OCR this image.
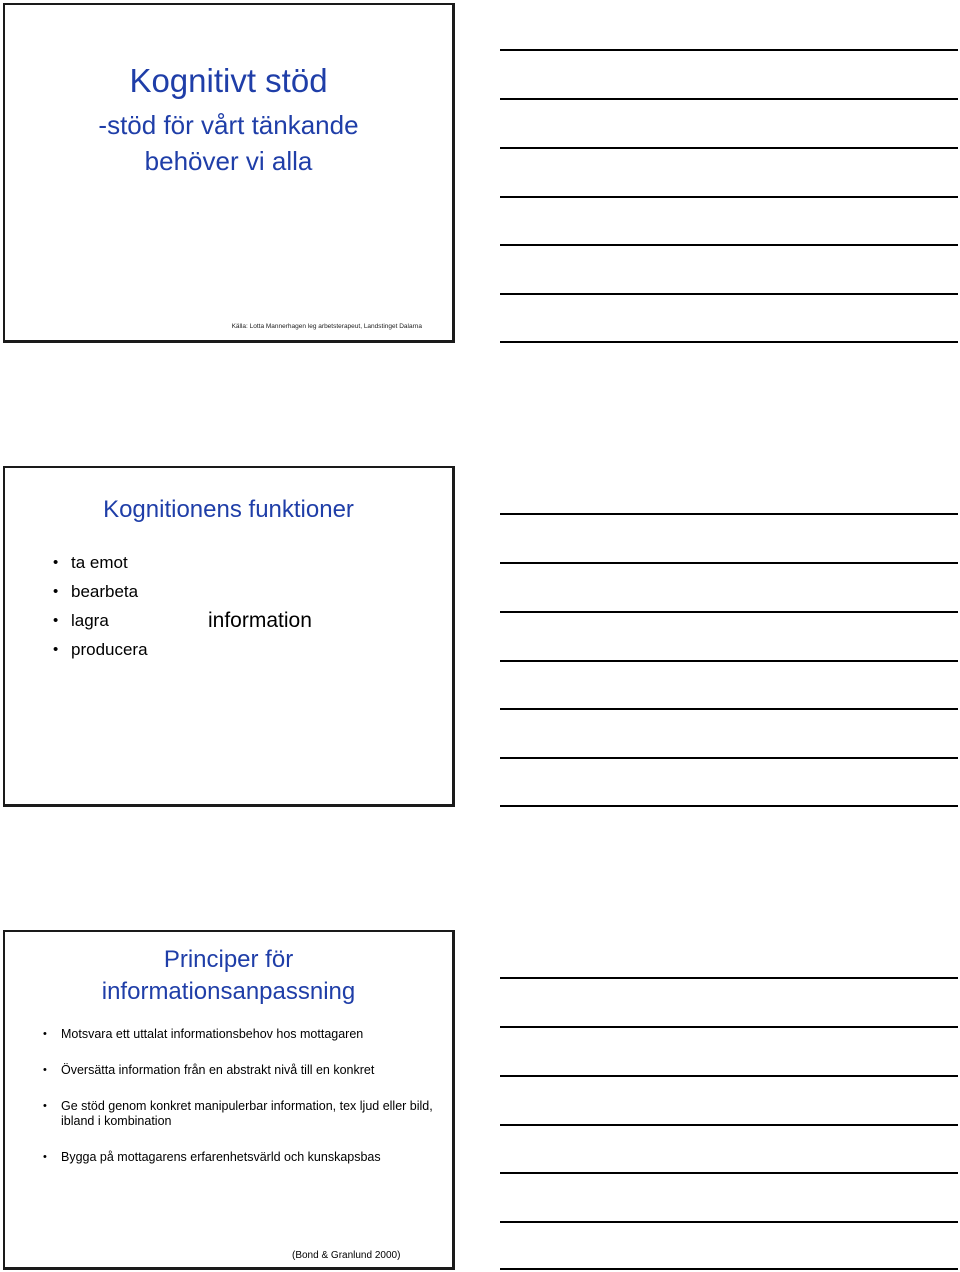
Kognitivt stöd
-stöd för vårt tänkande
behöver vi alla
Källa: Lotta Mannerhagen leg arbetsterapeut, Landstinget Dalarna
Kognitionens funktioner
• ta emot
• bearbeta
• lagra
• producera
information
Principer för
informationsanpassning
• Motsvara ett uttalat informationsbehov hos mottagaren
• Översätta information från en abstrakt nivå till en konkret
• Ge stöd genom konkret manipulerbar information, tex ljud eller bild, ibland i kombination
• Bygga på mottagarens erfarenhetsvärld och kunskapsbas
(Bond & Granlund 2000)
